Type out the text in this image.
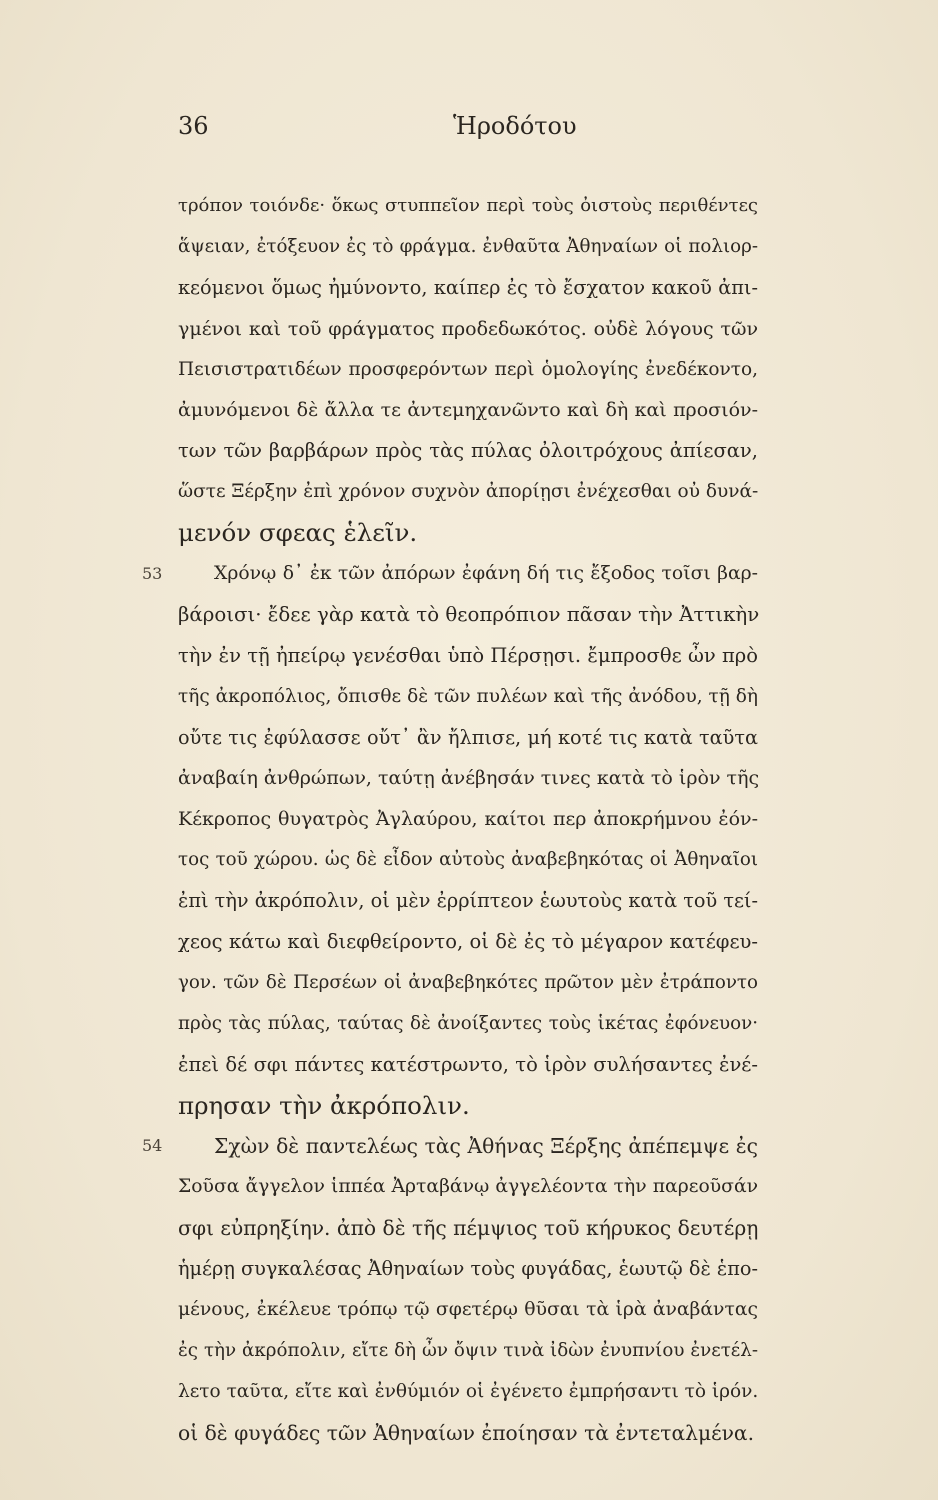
36	Ἡροδότου
τρόπον τοιόνδε· ὅκως στυππεῖον περὶ τοὺς ὀιστοὺς περιθέντες
ἅψειαν, ἐτόξευον ἐς τὸ φράγμα. ἐνθαῦτα Ἀθηναίων οἱ πολιορ-
κεόμενοι ὅμως ἠμύνοντο, καίπερ ἐς τὸ ἔσχατον κακοῦ ἀπι-
γμένοι καὶ τοῦ φράγματος προδεδωκότος. οὐδὲ λόγους τῶν
Πεισιστρατιδέων προσφερόντων περὶ ὁμολογίης ἐνεδέκοντο,
ἀμυνόμενοι δὲ ἄλλα τε ἀντεμηχανῶντο καὶ δὴ καὶ προσιόν-
των τῶν βαρβάρων πρὸς τὰς πύλας ὀλοιτρόχους ἀπίεσαν,
ὥστε Ξέρξην ἐπὶ χρόνον συχνὸν ἀπορίῃσι ἐνέχεσθαι οὐ δυνά-
μενόν σφεας ἑλεῖν.
53	Χρόνῳ δ᾽ ἐκ τῶν ἀπόρων ἐφάνη δή τις ἔξοδος τοῖσι βαρ-
βάροισι· ἔδεε γὰρ κατὰ τὸ θεοπρόπιον πᾶσαν τὴν Ἀττικὴν
τὴν ἐν τῇ ἠπείρῳ γενέσθαι ὑπὸ Πέρσῃσι. ἔμπροσθε ὦν πρὸ
τῆς ἀκροπόλιος, ὄπισθε δὲ τῶν πυλέων καὶ τῆς ἀνόδου, τῇ δὴ
οὔτε τις ἐφύλασσε οὔτ᾽ ἂν ἤλπισε, μή κοτέ τις κατὰ ταῦτα
ἀναβαίη ἀνθρώπων, ταύτῃ ἀνέβησάν τινες κατὰ τὸ ἱρὸν τῆς
Κέκροπος θυγατρὸς Ἀγλαύρου, καίτοι περ ἀποκρήμνου ἐόν-
τος τοῦ χώρου. ὡς δὲ εἶδον αὐτοὺς ἀναβεβηκότας οἱ Ἀθηναῖοι
ἐπὶ τὴν ἀκρόπολιν, οἱ μὲν ἐρρίπτεον ἑωυτοὺς κατὰ τοῦ τεί-
χεος κάτω καὶ διεφθείροντο, οἱ δὲ ἐς τὸ μέγαρον κατέφευ-
γον. τῶν δὲ Περσέων οἱ ἀναβεβηκότες πρῶτον μὲν ἐτράποντο
πρὸς τὰς πύλας, ταύτας δὲ ἀνοίξαντες τοὺς ἱκέτας ἐφόνευον·
ἐπεὶ δέ σφι πάντες κατέστρωντο, τὸ ἱρὸν συλήσαντες ἐνέ-
πρησαν τὴν ἀκρόπολιν.
54	Σχὼν δὲ παντελέως τὰς Ἀθήνας Ξέρξης ἀπέπεμψε ἐς
Σοῦσα ἄγγελον ἱππέα Ἀρταβάνῳ ἀγγελέοντα τὴν παρεοῦσάν
σφι εὐπρηξίην. ἀπὸ δὲ τῆς πέμψιος τοῦ κήρυκος δευτέρῃ
ἡμέρῃ συγκαλέσας Ἀθηναίων τοὺς φυγάδας, ἑωυτῷ δὲ ἑπο-
μένους, ἐκέλευε τρόπῳ τῷ σφετέρῳ θῦσαι τὰ ἱρὰ ἀναβάντας
ἐς τὴν ἀκρόπολιν, εἴτε δὴ ὦν ὄψιν τινὰ ἰδὼν ἐνυπνίου ἐνετέλ-
λετο ταῦτα, εἴτε καὶ ἐνθύμιόν οἱ ἐγένετο ἐμπρήσαντι τὸ ἱρόν.
οἱ δὲ φυγάδες τῶν Ἀθηναίων ἐποίησαν τὰ ἐντεταλμένα.
